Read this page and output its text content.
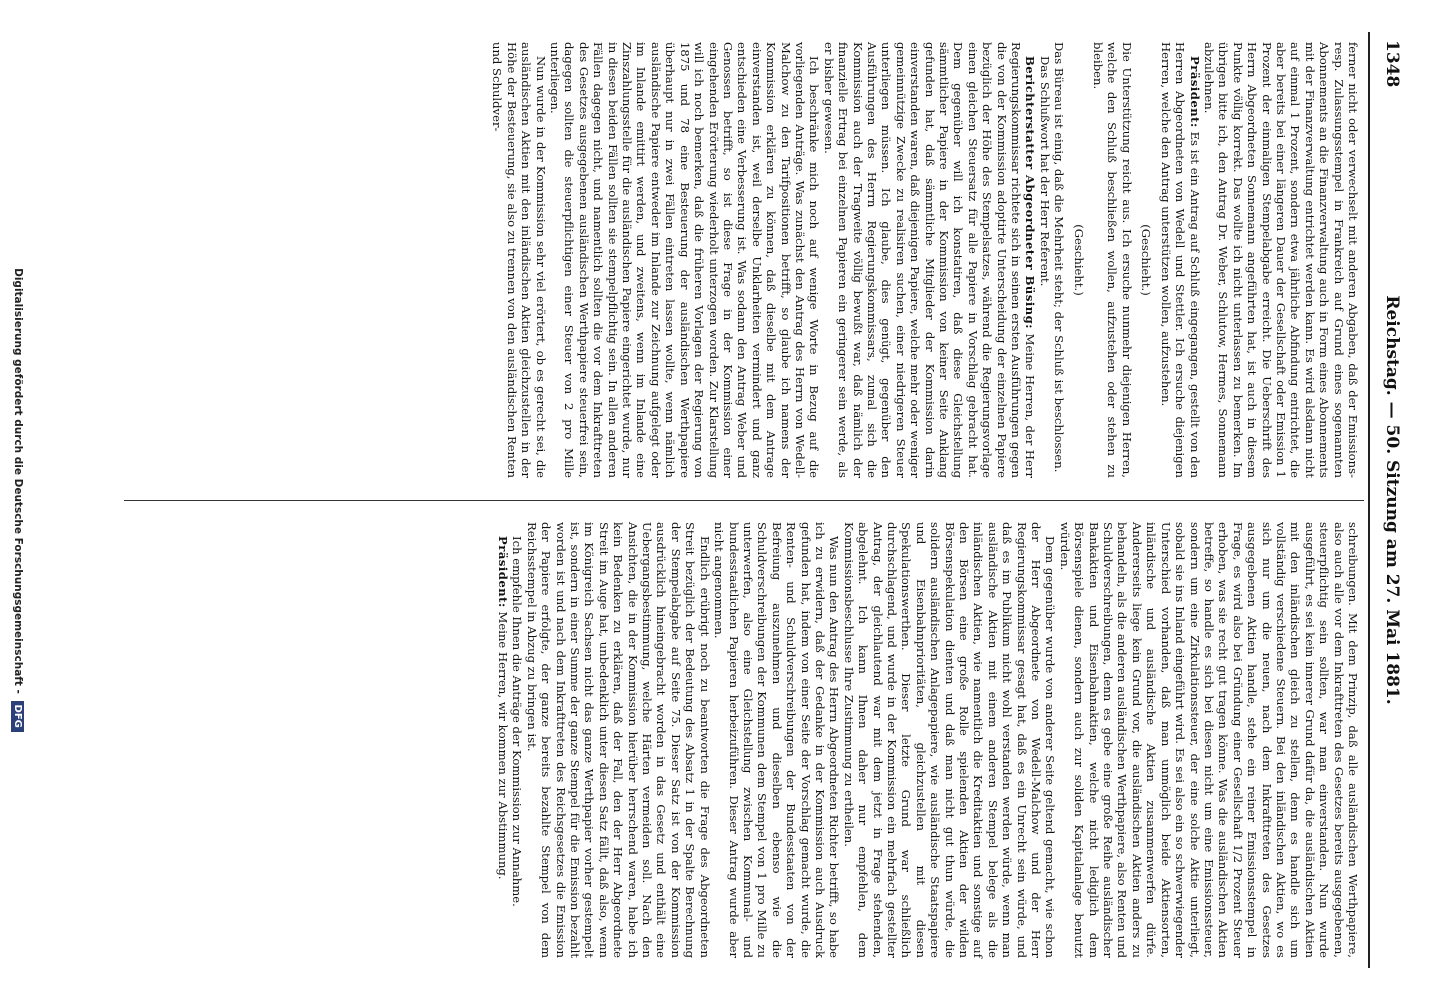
1348
Reichstag. — 50. Sitzung am 27. Mai 1881.

ferner nicht oder verwechselt mit anderen Abgaben, daß der Emissions- resp. Zulassungsstempel in Frankreich auf Grund eines sogenannten Abonnements an die Finanzverwaltung auch in Form eines Abonnements mit der Finanzverwaltung entrichtet werden kann. Es wird alsdann nicht auf einmal 1 Prozent, sondern etwa jährliche Abfindung entrichtet, die aber bereits bei einer längeren Dauer der Gesellschaft oder Emission 1 Prozent der einmaligen Stempelabgabe erreicht. Die Ueberschrift des Herrn Abgeordneten Sonnemann angeführten hat, ist auch in diesem Punkte völlig korrekt. Das wollte ich nicht unterlassen zu bemerken. Im übrigen bitte ich, den Antrag Dr. Weber, Schlutow, Hermes, Sonnemann abzulehnen.

Präsident: Es ist ein Antrag auf Schluß eingegangen, gestellt von den Herren Abgeordneten von Wedell und Stettler. Ich ersuche diejenigen Herren, welche den Antrag unterstützen wollen, aufzustehen.

(Geschieht.)

Die Unterstützung reicht aus. Ich ersuche nunmehr diejenigen Herren, welche den Schluß beschließen wollen, aufzustehen oder stehen zu bleiben.

(Geschieht.)

Das Büreau ist einig, daß die Mehrheit steht; der Schluß ist beschlossen.

Das Schlußwort hat der Herr Referent.

Berichterstatter Abgeordneter Büsing: Meine Herren, der Herr Regierungskommissar richtete sich in seinen ersten Ausführungen gegen die von der Kommission adoptirte Unterscheidung der einzelnen Papiere bezüglich der Höhe des Stempelsatzes, während die Regierungsvorlage einen gleichen Steuersatz für alle Papiere in Vorschlag gebracht hat. Dem gegenüber will ich konstatiren, daß diese Gleichstellung sämmtlicher Papiere in der Kommission von keiner Seite Anklang gefunden hat, daß sämmtliche Mitglieder der Kommission darin einverstanden waren, daß diejenigen Papiere, welche mehr oder weniger gemeinnützige Zwecke zu realisiren suchen, einer niedrigeren Steuer unterliegen müssen. Ich glaube, dies genügt, gegenüber den Ausführungen des Herrn Regierungskommissars, zumal sich die Kommission auch der Tragweite völlig bewußt war, daß nämlich der finanzielle Ertrag bei einzelnen Papieren ein geringerer sein werde, als er bisher gewesen.

Ich beschränke mich noch auf wenige Worte in Bezug auf die vorliegenden Anträge. Was zunächst den Antrag des Herrn von Wedell-Malchow zu den Tarifpositionen betrifft, so glaube ich namens der Kommission erklären zu können, daß dieselbe mit dem Antrage einverstanden ist, weil derselbe Unklarheiten vermindert und ganz entschieden eine Verbesserung ist. Was sodann den Antrag Weber und Genossen betrifft, so ist diese Frage in der Kommission einer eingehenden Erörterung wiederholt unterzogen worden. Zur Klarstellung will ich noch bemerken, daß die früheren Vorlagen der Regierung von 1875 und 78 eine Besteuerung der ausländischen Werthpapiere überhaupt nur in zwei Fällen eintreten lassen wollte, wenn nämlich ausländische Papiere entweder im Inlande zur Zeichnung aufgelegt oder im Inlande emittirt werden, und zweitens, wenn im Inlande eine Zinszahlungsstelle für die ausländischen Papiere eingerichtet wurde, nur in diesen beiden Fällen sollten sie stempelpflichtig sein. In allen anderen Fällen dagegen nicht, und namentlich sollten die vor dem Inkrafttreten des Gesetzes ausgegebenen ausländischen Werthpapiere steuerfrei sein, dagegen sollten die steuerpflichtigen einer Steuer von 2 pro Mille unterliegen.

Nun wurde in der Kommission sehr viel erörtert, ob es gerecht sei, die ausländischen Aktien mit den inländischen Aktien gleichzustellen in der Höhe der Besteuerung, sie also zu trennen von den ausländischen Renten und Schuldver-

schreibungen. Mit dem Prinzip, daß alle ausländischen Werthpapiere, also auch alle vor dem Inkrafttreten des Gesetzes bereits ausgegebenen, steuerpflichtig sein sollten, war man einverstanden. Nun wurde ausgeführt, es sei kein innerer Grund dafür da, die ausländischen Aktien mit den inländischen gleich zu stellen, denn es handle sich um vollständig verschiedene Steuern. Bei den inländischen Aktien, wo es sich nur um die neuen, nach dem Inkrafttreten des Gesetzes ausgegebenen Aktien handle, stehe ein reiner Emissionsstempel in Frage, es wird also bei Gründung einer Gesellschaft 1/2 Prozent Steuer erhoben, was sie recht gut tragen könne. Was die ausländischen Aktien betreffe, so handle es sich bei diesen nicht um eine Emissionssteuer, sondern um eine Zirkulationssteuer, der eine solche Aktie unterliegt, sobald sie ins Inland eingeführt wird. Es sei also ein so schwerwiegender Unterschied vorhanden, daß man unmöglich beide Aktiensorten, inländische und ausländische Aktien zusammenwerfen dürfe. Andererseits liege kein Grund vor, die ausländischen Aktien anders zu behandeln, als die anderen ausländischen Werthpapiere, also Renten und Schuldverschreibungen, denn es gebe eine große Reihe ausländischer Bankaktien und Eisenbahnaktien, welche nicht lediglich dem Börsenspiele dienen, sondern auch zur soliden Kapitalanlage benutzt würden.

Dem gegenüber wurde von anderer Seite geltend gemacht, wie schon der Herr Abgeordnete von Wedell-Malchow und der Herr Regierungskommissar gesagt hat, daß es ein Unrecht sein würde, und daß es im Publikum nicht wohl verstanden werden würde, wenn man ausländische Aktien mit einem anderen Stempel belege als die inländischen Aktien, wie namentlich die Kreditaktien und sonstige auf den Börsen eine große Rolle spielenden Aktien der wilden Börsenspekulation dienten und daß man nicht gut thun würde, die solidern ausländischen Anlagepapiere, wie ausländische Staatspapiere und Eisenbahnprioritäten, gleichzustellen mit diesen Spekulationswerthen. Dieser letzte Grund war schließlich durchschlagend, und wurde in der Kommission ein mehrfach gestellter Antrag, der gleichlautend war mit dem jetzt in Frage stehenden, abgelehnt. Ich kann Ihnen daher nur empfehlen, dem Kommissionsbeschlusse Ihre Zustimmung zu ertheilen.

Was nun den Antrag des Herrn Abgeordneten Richter betrifft, so habe ich zu erwidern, daß der Gedanke in der Kommission auch Ausdruck gefunden hat, indem von einer Seite der Vorschlag gemacht wurde, die Renten- und Schuldverschreibungen der Bundesstaaten von der Befreiung auszunehmen und dieselben ebenso wie die Schuldverschreibungen der Kommunen dem Stempel von 1 pro Mille zu unterwerfen, also eine Gleichstellung zwischen Kommunal- und bundesstaatlichen Papieren herbeizuführen. Dieser Antrag wurde aber nicht angenommen.

Endlich erübrigt noch zu beantworten die Frage des Abgeordneten Streit bezüglich der Bedeutung des Absatz 1 in der Spalte Berechnung der Stempelabgabe auf Seite 75. Dieser Satz ist von der Kommission ausdrücklich hineingebracht worden in das Gesetz und enthält eine Uebergangsbestimmung, welche Härten vermeiden soll. Nach den Ansichten, die in der Kommission hierüber herrschend waren, habe ich kein Bedenken zu erklären, daß der Fall, den der Herr Abgeordnete Streit im Auge hat, unbedenklich unter diesen Satz fällt, daß also, wenn im Königreich Sachsen nicht das ganze Werthpapier vorher gestempelt ist, sondern in einer Summe der ganze Stempel für die Emission bezahlt worden ist und nach dem Inkrafttreten des Reichsgesetzes die Emission der Papiere erfolgte, der ganze bereits bezahlte Stempel von dem Reichsstempel in Abzug zu bringen ist.

Ich empfehle Ihnen die Anträge der Kommission zur Annahme.

Präsident: Meine Herren, wir kommen zur Abstimmung.

Digitalisierung gefördert durch die Deutsche Forschungsgemeinschaft - DFG
